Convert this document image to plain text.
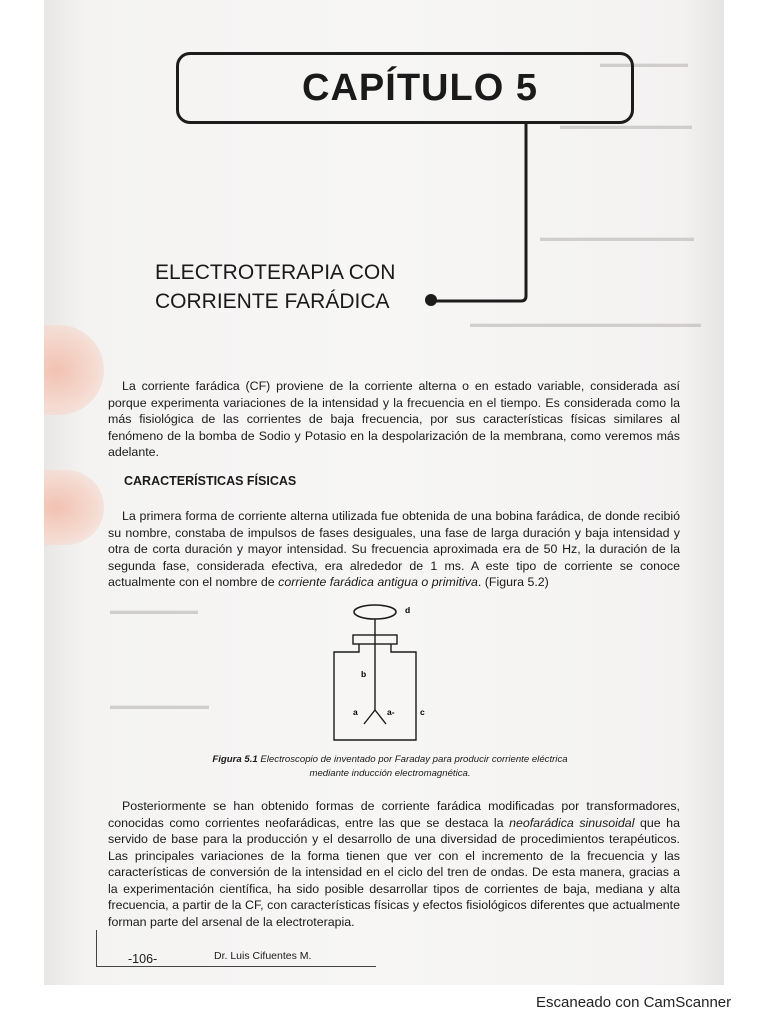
▬▬▬▬▬▬▬▬
▬▬▬▬▬▬▬▬▬▬▬▬
▬▬▬▬▬▬▬▬▬▬▬▬▬▬
▬▬▬▬▬▬▬▬▬▬▬▬▬▬▬▬▬▬▬▬▬
▬▬▬▬▬▬▬▬
▬▬▬▬▬▬▬▬▬
CAPÍTULO 5
ELECTROTERAPIA CON
CORRIENTE FARÁDICA
La corriente farádica (CF) proviene de la corriente alterna o en estado variable, considerada así porque experimenta variaciones de la intensidad y la frecuencia en el tiempo. Es considerada como la más fisiológica de las corrientes de baja frecuencia, por sus características físicas similares al fenómeno de la bomba de Sodio y Potasio en la despolarización de la membrana, como veremos más adelante.
CARACTERÍSTICAS FÍSICAS
La primera forma de corriente alterna utilizada fue obtenida de una bobina farádica, de donde recibió su nombre, constaba de impulsos de fases desiguales, una fase de larga duración y baja intensidad y otra de corta duración y mayor intensidad. Su frecuencia aproximada era de 50 Hz, la duración de la segunda fase, considerada efectiva, era alrededor de 1 ms. A este tipo de corriente se conoce actualmente con el nombre de corriente farádica antigua o primitiva. (Figura 5.2)
d
b
a	a-	c
Figura 5.1 Electroscopio de inventado por Faraday para producir corriente eléctrica
mediante inducción electromagnética.
Posteriormente se han obtenido formas de corriente farádica modificadas por transformadores, conocidas como corrientes neofarádicas, entre las que se destaca la neofarádica sinusoidal que ha servido de base para la producción y el desarrollo de una diversidad de procedimientos terapéuticos. Las principales variaciones de la forma tienen que ver con el incremento de la frecuencia y las características de conversión de la intensidad en el ciclo del tren de ondas. De esta manera, gracias a la experimentación científica, ha sido posible desarrollar tipos de corrientes de baja, mediana y alta frecuencia, a partir de la CF, con características físicas y efectos fisiológicos diferentes que actualmente forman parte del arsenal de la electroterapia.
-106-	Dr. Luis Cifuentes M.
Escaneado con CamScanner
